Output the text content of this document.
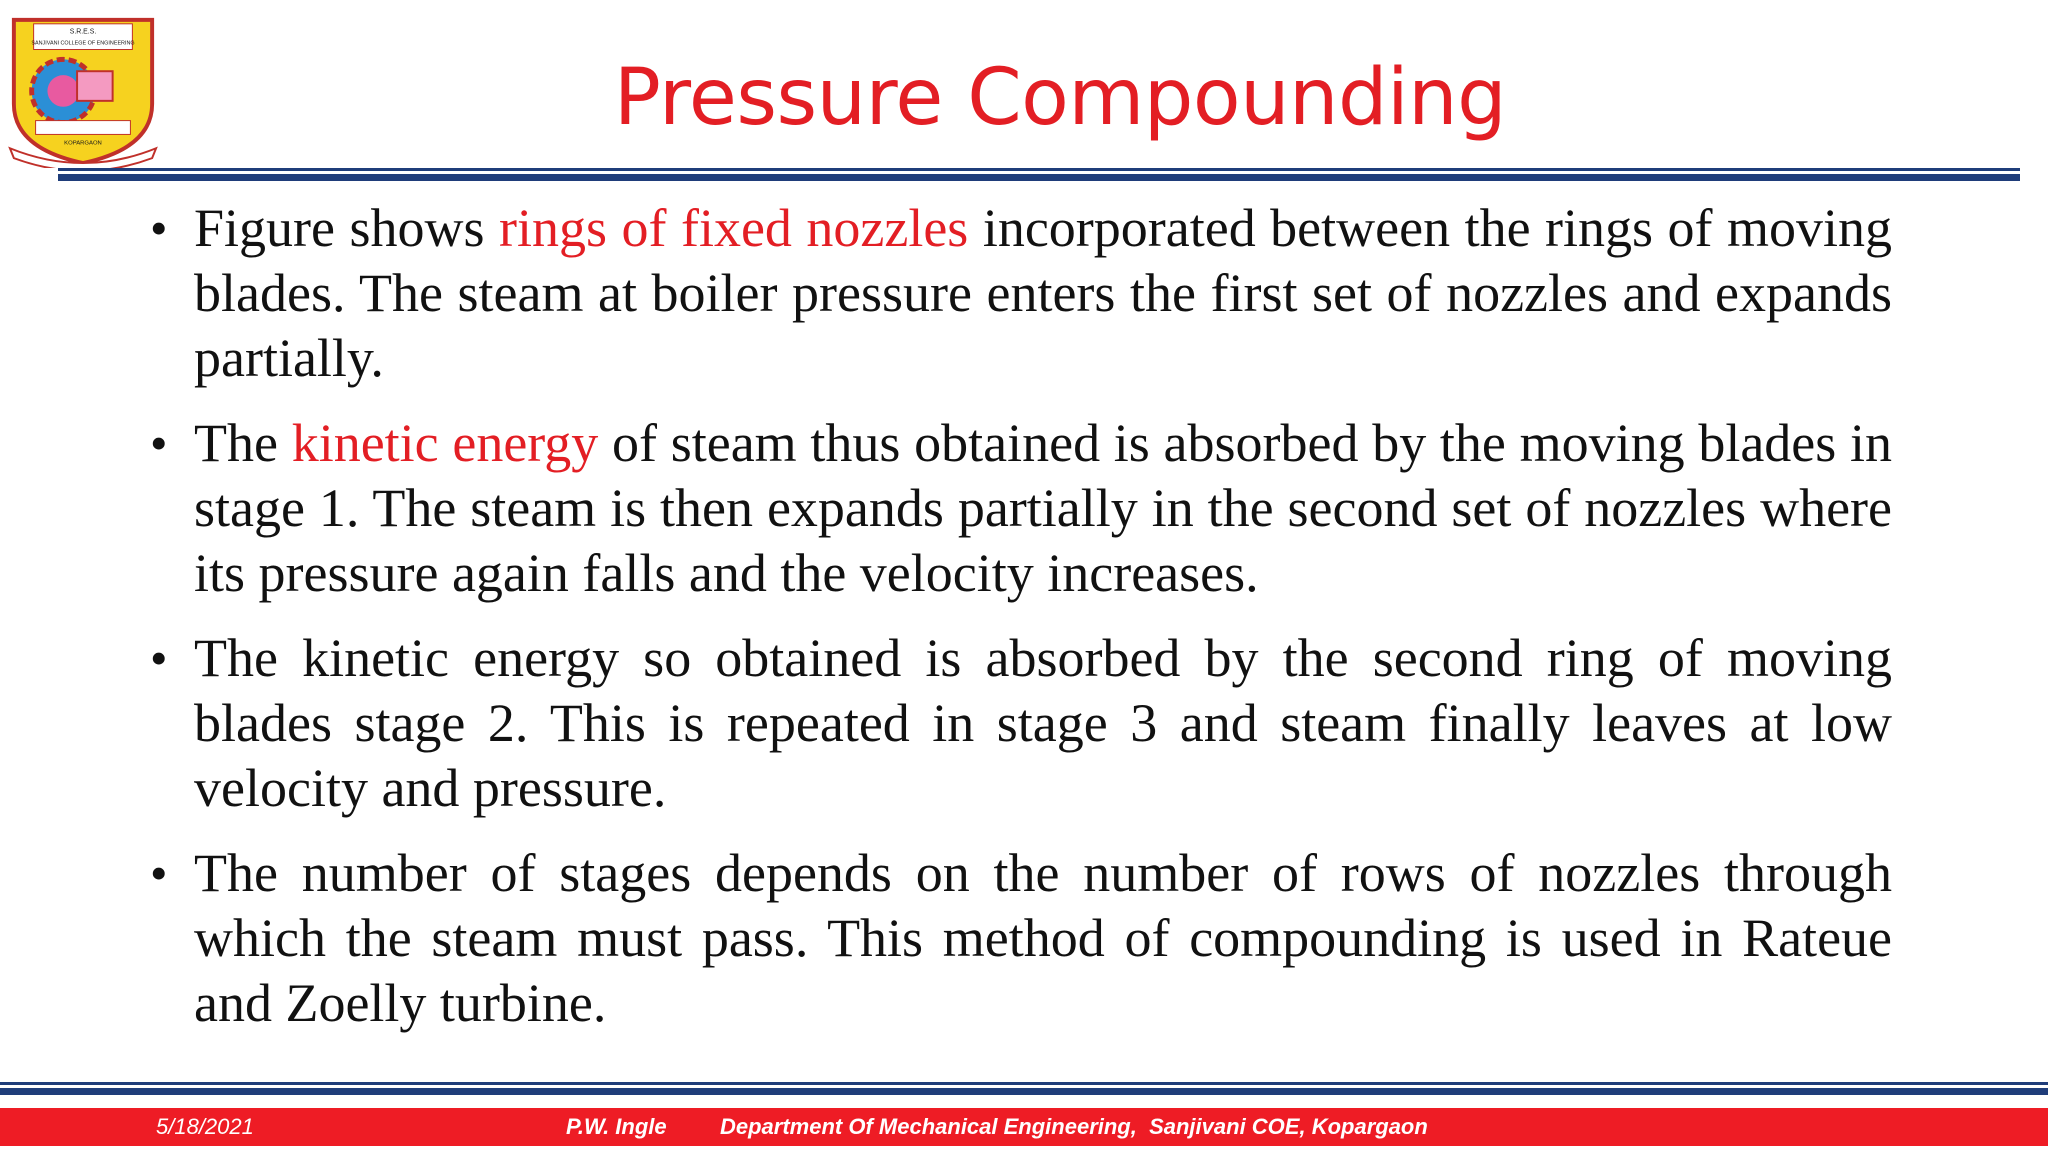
S.R.E.S.
SANJIVANI COLLEGE OF ENGINEERING
KOPARGAON
Pressure Compounding
• Figure shows rings of fixed nozzles incorporated between the rings of moving blades. The steam at boiler pressure enters the first set of nozzles and expands partially.
• The kinetic energy of steam thus obtained is absorbed by the moving blades in stage 1. The steam is then expands partially in the second set of nozzles where its pressure again falls and the velocity increases.
• The kinetic energy so obtained is absorbed by the second ring of moving blades stage 2. This is repeated in stage 3 and steam finally leaves at low velocity and pressure.
• The number of stages depends on the number of rows of nozzles through which the steam must pass. This method of compounding is used in Rateue and Zoelly turbine.
5/18/2021	P.W. Ingle Department Of Mechanical Engineering,  Sanjivani COE, Kopargaon
